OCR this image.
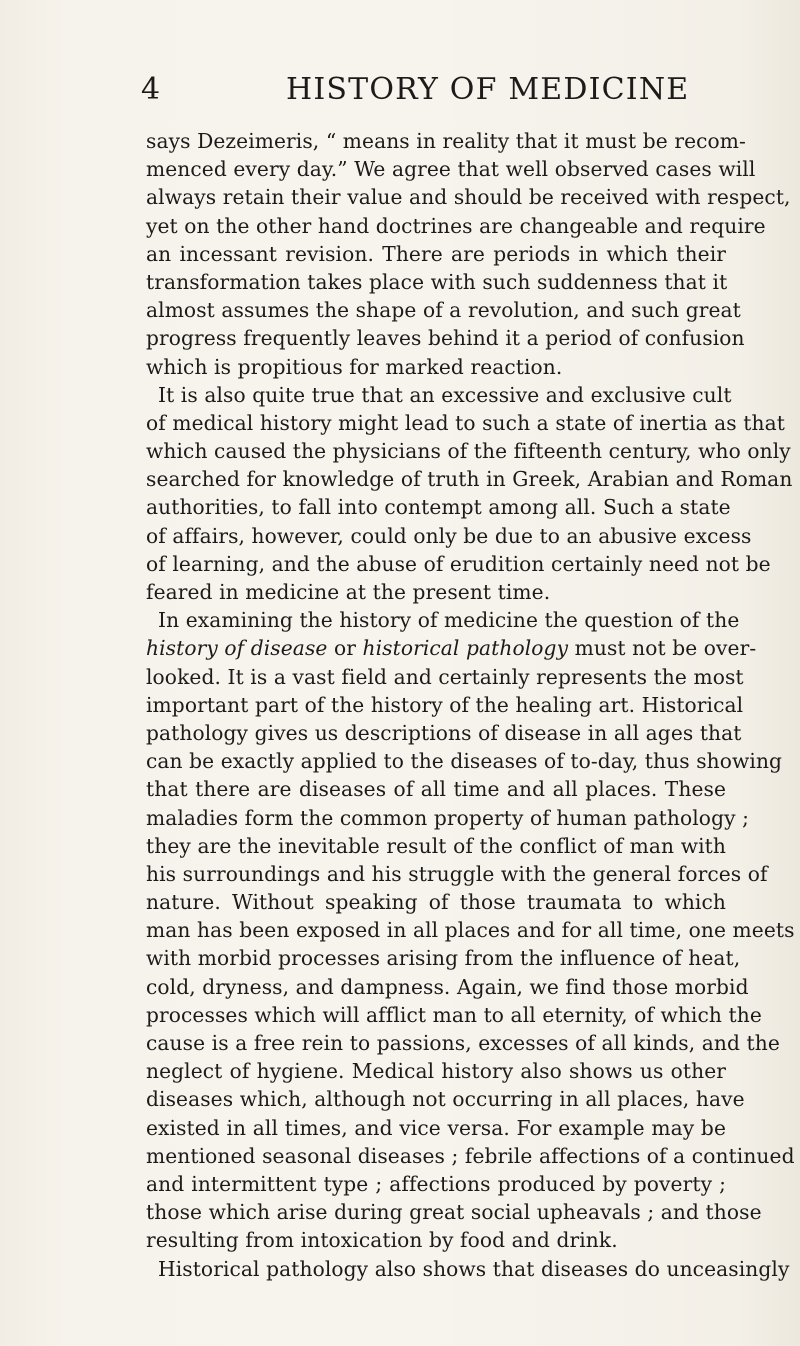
4	HISTORY OF MEDICINE
says Dezeimeris, “ means in reality that it must be recom-
menced every day.” We agree that well observed cases will
always retain their value and should be received with respect,
yet on the other hand doctrines are changeable and require
an incessant revision. There are periods in which their
transformation takes place with such suddenness that it
almost assumes the shape of a revolution, and such great
progress frequently leaves behind it a period of confusion
which is propitious for marked reaction.
It is also quite true that an excessive and exclusive cult
of medical history might lead to such a state of inertia as that
which caused the physicians of the fifteenth century, who only
searched for knowledge of truth in Greek, Arabian and Roman
authorities, to fall into contempt among all. Such a state
of affairs, however, could only be due to an abusive excess
of learning, and the abuse of erudition certainly need not be
feared in medicine at the present time.
In examining the history of medicine the question of the
history of disease or historical pathology must not be over-
looked. It is a vast field and certainly represents the most
important part of the history of the healing art. Historical
pathology gives us descriptions of disease in all ages that
can be exactly applied to the diseases of to-day, thus showing
that there are diseases of all time and all places. These
maladies form the common property of human pathology ;
they are the inevitable result of the conflict of man with
his surroundings and his struggle with the general forces of
nature. Without speaking of those traumata to which
man has been exposed in all places and for all time, one meets
with morbid processes arising from the influence of heat,
cold, dryness, and dampness. Again, we find those morbid
processes which will afflict man to all eternity, of which the
cause is a free rein to passions, excesses of all kinds, and the
neglect of hygiene. Medical history also shows us other
diseases which, although not occurring in all places, have
existed in all times, and vice versa. For example may be
mentioned seasonal diseases ; febrile affections of a continued
and intermittent type ; affections produced by poverty ;
those which arise during great social upheavals ; and those
resulting from intoxication by food and drink.
Historical pathology also shows that diseases do unceasingly
